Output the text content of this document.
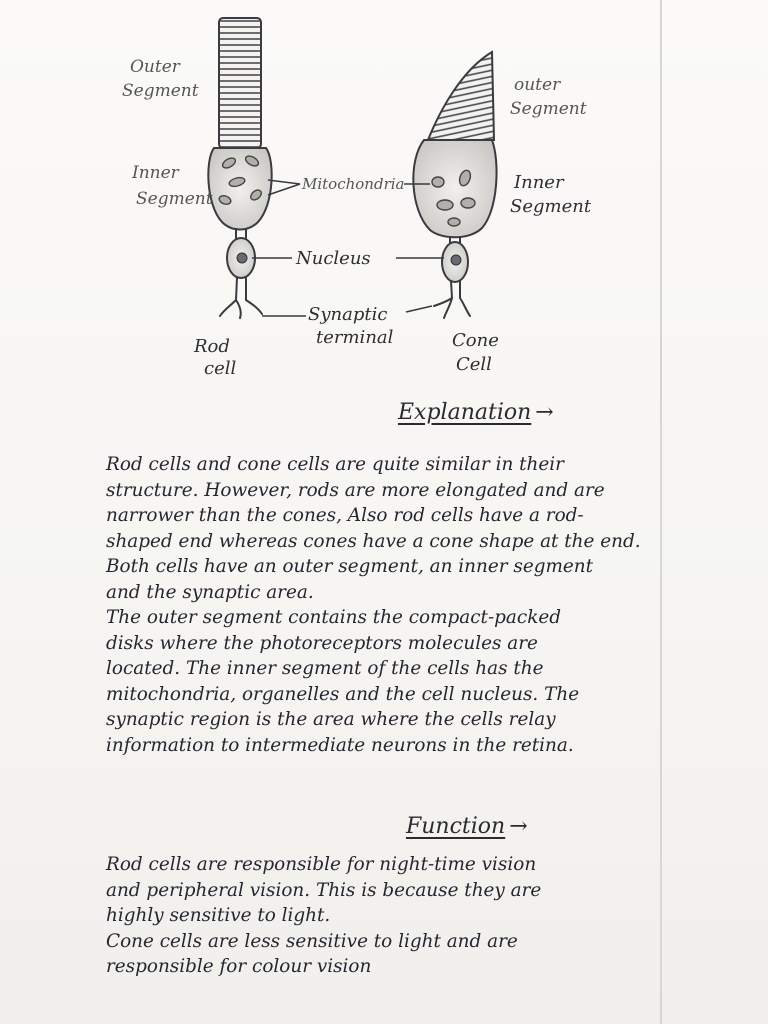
Outer
Segment
Inner
Segment
outer
Segment
Inner
Segment
Mitochondria
Nucleus
Synaptic
terminal
Rod
cell
Cone
Cell
Explanation →
Rod cells and cone cells are quite similar in their
structure. However, rods are more elongated and are
narrower than the cones, Also rod cells have a rod-
shaped end whereas cones have a cone shape at the end.
Both cells have an outer segment, an inner segment
and the synaptic area.
The outer segment contains the compact-packed
disks where the photoreceptors molecules are
located. The inner segment of the cells has the
mitochondria, organelles and the cell nucleus. The
synaptic region is the area where the cells relay
information to intermediate neurons in the retina.
Function →
Rod cells are responsible for night-time vision
and peripheral vision. This is because they are
highly sensitive to light.
Cone cells are less sensitive to light and are
responsible for colour vision
